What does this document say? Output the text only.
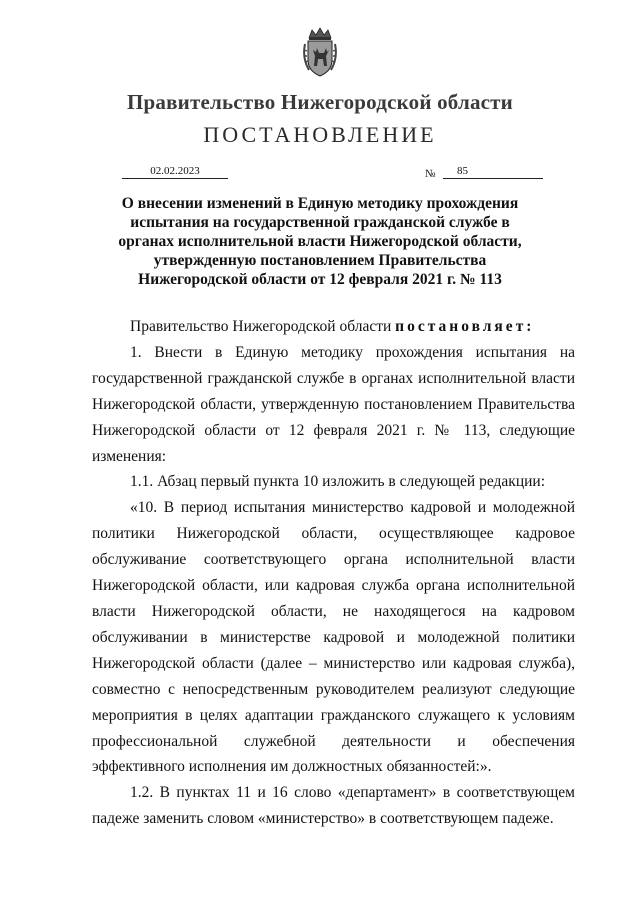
Правительство Нижегородской области
ПОСТАНОВЛЕНИЕ
02.02.2023	№	85
О внесении изменений в Единую методику прохождения
испытания на государственной гражданской службе в
органах исполнительной власти Нижегородской области,
утвержденную постановлением Правительства
Нижегородской области от 12 февраля 2021 г. № 113

Правительство Нижегородской области постановляет:

1. Внести в Единую методику прохождения испытания на государственной гражданской службе в органах исполнительной власти Нижегородской области, утвержденную постановлением Правительства Нижегородской области от 12 февраля 2021 г. № 113, следующие изменения:

1.1. Абзац первый пункта 10 изложить в следующей редакции:

«10. В период испытания министерство кадровой и молодежной политики Нижегородской области, осуществляющее кадровое обслуживание соответствующего органа исполнительной власти Нижегородской области, или кадровая служба органа исполнительной власти Нижегородской области, не находящегося на кадровом обслуживании в министерстве кадровой и молодежной политики Нижегородской области (далее – министерство или кадровая служба), совместно с непосредственным руководителем реализуют следующие мероприятия в целях адаптации гражданского служащего к условиям профессиональной служебной деятельности и обеспечения эффективного исполнения им должностных обязанностей:».

1.2. В пунктах 11 и 16 слово «департамент» в соответствующем падеже заменить словом «министерство» в соответствующем падеже.
